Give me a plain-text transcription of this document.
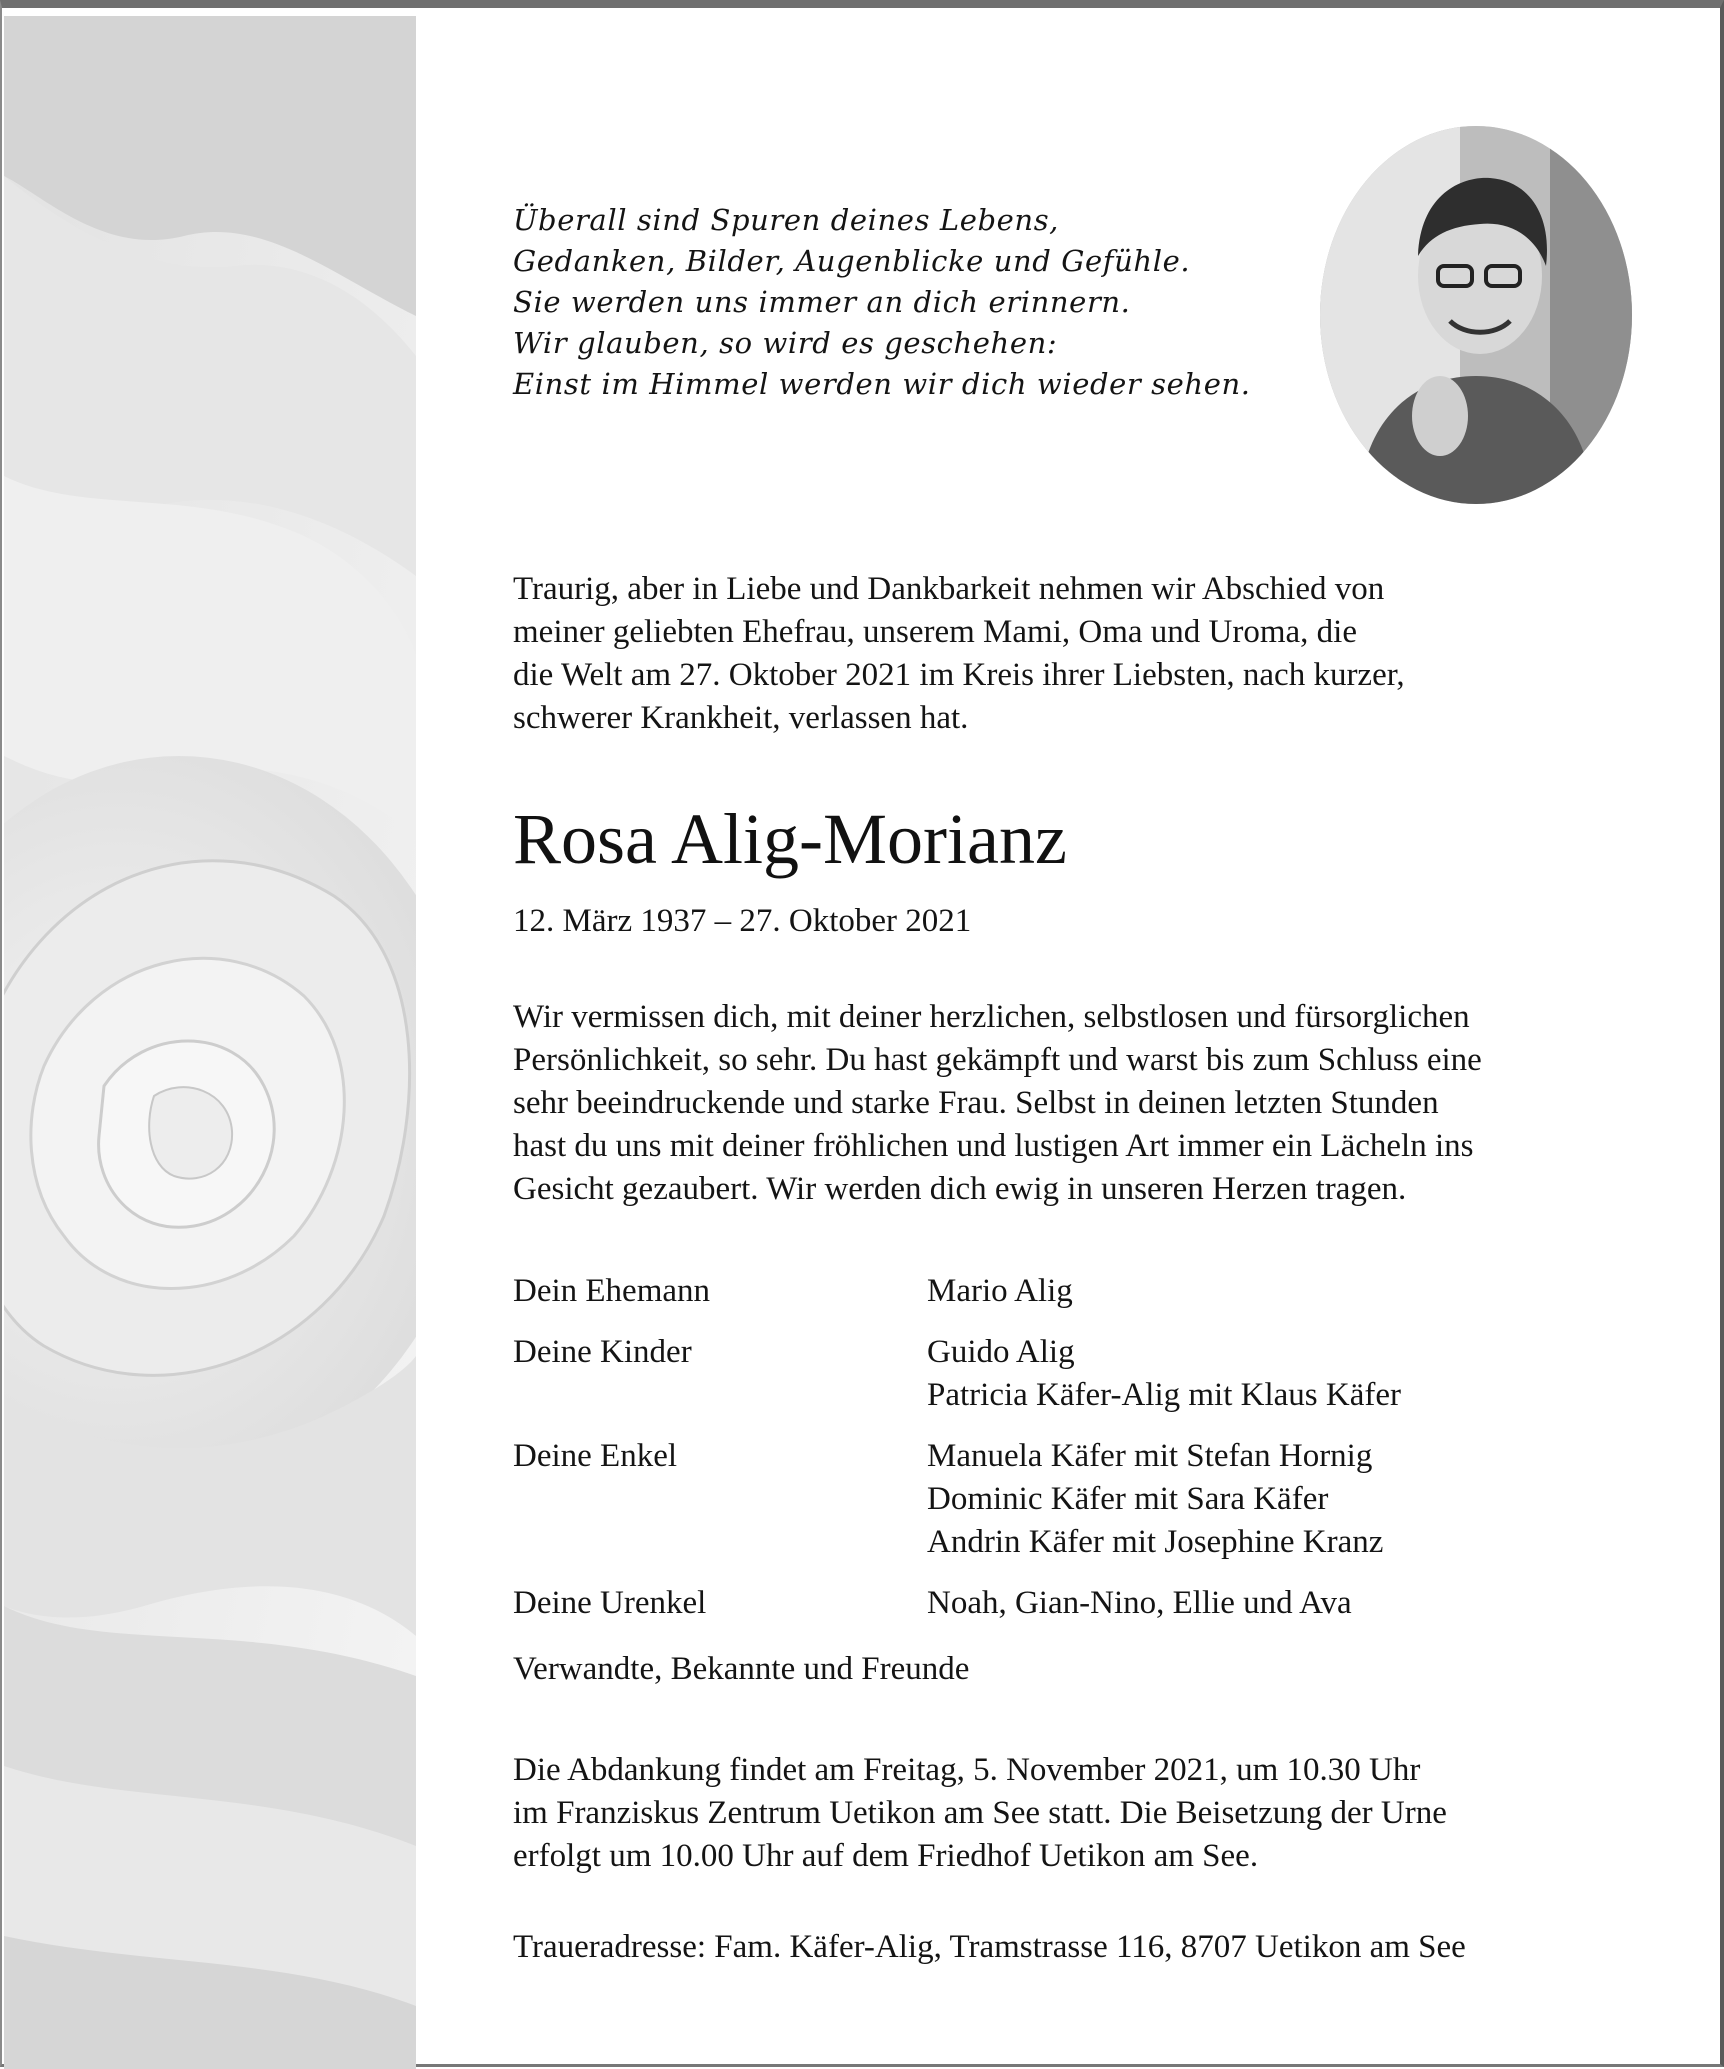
Überall sind Spuren deines Lebens,
Gedanken, Bilder, Augenblicke und Gefühle.
Sie werden uns immer an dich erinnern.
Wir glauben, so wird es geschehen:
Einst im Himmel werden wir dich wieder sehen.
Traurig, aber in Liebe und Dankbarkeit nehmen wir Abschied von
meiner geliebten Ehefrau, unserem Mami, Oma und Uroma, die
die Welt am 27. Oktober 2021 im Kreis ihrer Liebsten, nach kurzer,
schwerer Krankheit, verlassen hat.
Rosa Alig-Morianz
12. März 1937 – 27. Oktober 2021
Wir vermissen dich, mit deiner herzlichen, selbstlosen und fürsorglichen
Persönlichkeit, so sehr. Du hast gekämpft und warst bis zum Schluss eine
sehr beeindruckende und starke Frau. Selbst in deinen letzten Stunden
hast du uns mit deiner fröhlichen und lustigen Art immer ein Lächeln ins
Gesicht gezaubert. Wir werden dich ewig in unseren Herzen tragen.
Dein Ehemann	Mario Alig
Deine Kinder	Guido Alig
Patricia Käfer-Alig mit Klaus Käfer
Deine Enkel	Manuela Käfer mit Stefan Hornig
Dominic Käfer mit Sara Käfer
Andrin Käfer mit Josephine Kranz
Deine Urenkel	Noah, Gian-Nino, Ellie und Ava
Verwandte, Bekannte und Freunde
Die Abdankung findet am Freitag, 5. November 2021, um 10.30 Uhr
im Franziskus Zentrum Uetikon am See statt. Die Beisetzung der Urne
erfolgt um 10.00 Uhr auf dem Friedhof Uetikon am See.
Traueradresse: Fam. Käfer-Alig, Tramstrasse 116, 8707 Uetikon am See
